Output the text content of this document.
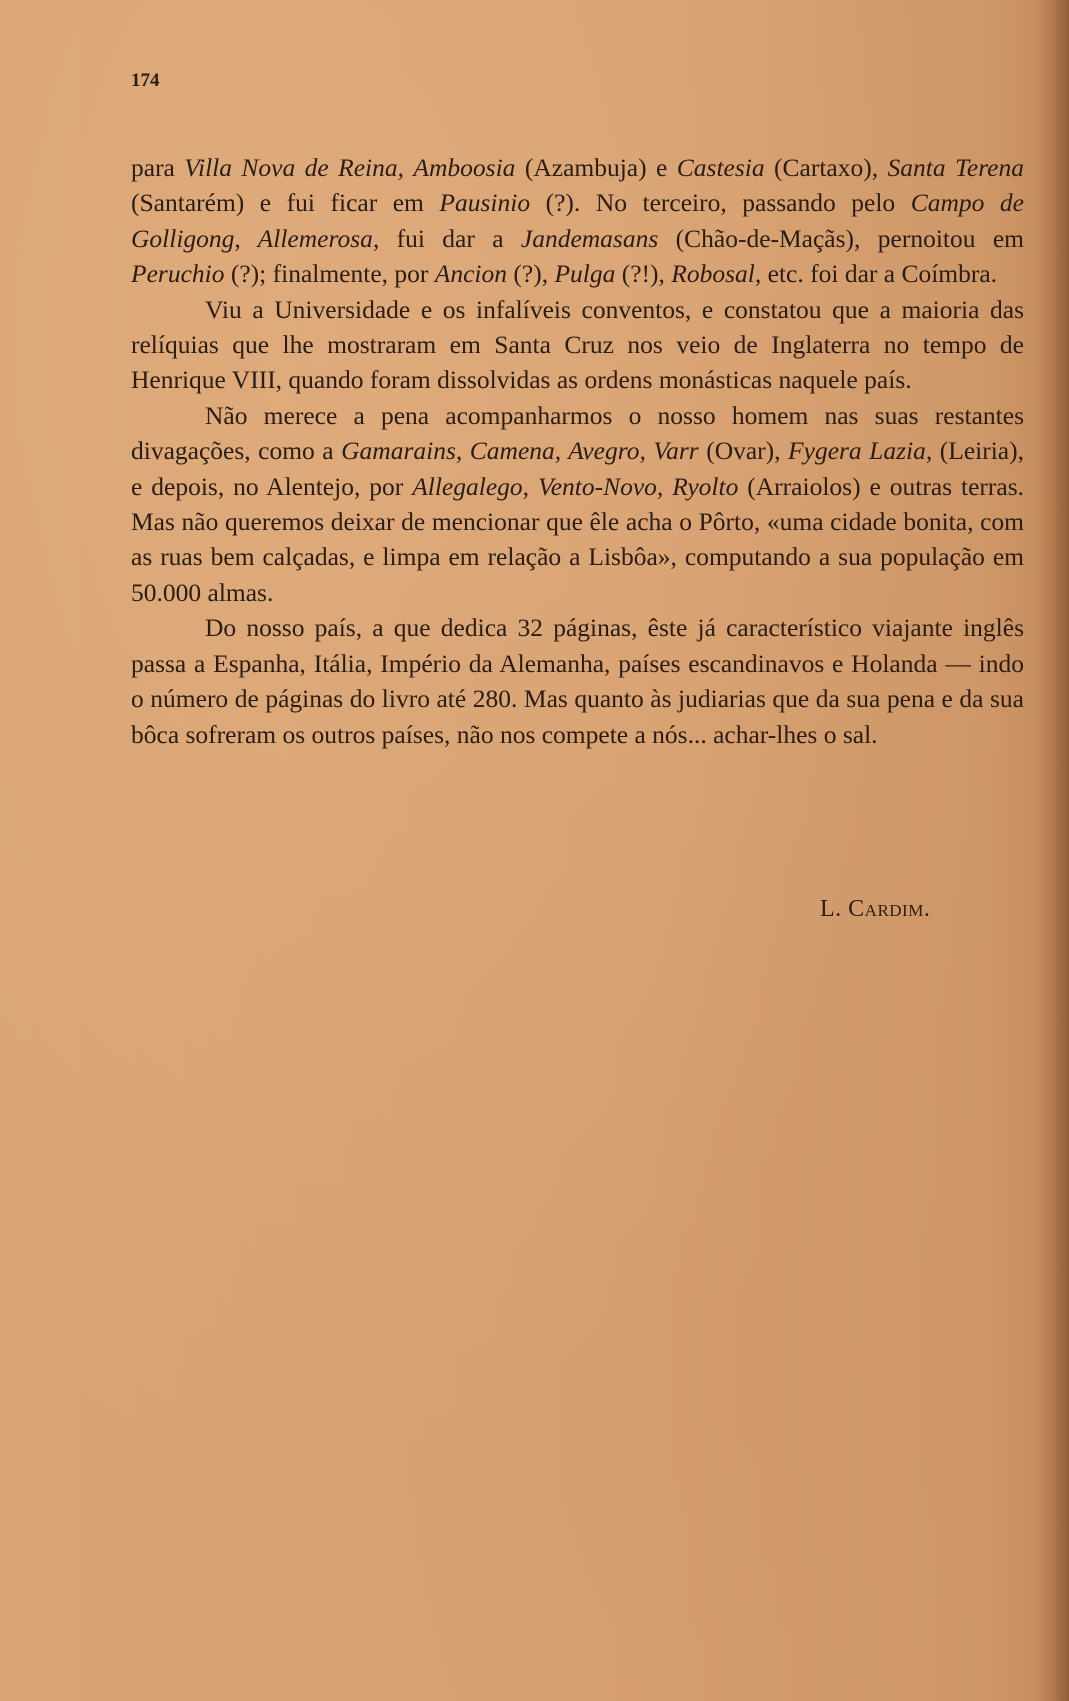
174

para Villa Nova de Reina, Amboosia (Azambuja) e Castesia (Cartaxo), Santa Terena (Santarém) e fui ficar em Pausinio (?). No terceiro, passando pelo Campo de Golligong, Allemerosa, fui dar a Jandemasans (Chão-de-Maçãs), pernoitou em Peruchio (?); finalmente, por Ancion (?), Pulga (?!), Robosal, etc. foi dar a Coímbra.

Viu a Universidade e os infalíveis conventos, e constatou que a maioria das relíquias que lhe mostraram em Santa Cruz nos veio de Inglaterra no tempo de Henrique VIII, quando foram dissolvidas as ordens monásticas naquele país.

Não merece a pena acompanharmos o nosso homem nas suas restantes divagações, como a Gamarains, Camena, Avegro, Varr (Ovar), Fygera Lazia, (Leiria), e depois, no Alentejo, por Allegalego, Vento-Novo, Ryolto (Arraiolos) e outras terras. Mas não queremos deixar de mencionar que êle acha o Pôrto, «uma cidade bonita, com as ruas bem calçadas, e limpa em relação a Lisbôa», computando a sua população em 50.000 almas.

Do nosso país, a que dedica 32 páginas, êste já característico viajante inglês passa a Espanha, Itália, Império da Alemanha, países escandinavos e Holanda — indo o número de páginas do livro até 280. Mas quanto às judiarias que da sua pena e da sua bôca sofreram os outros países, não nos compete a nós... achar-lhes o sal.

L. Cardim.
